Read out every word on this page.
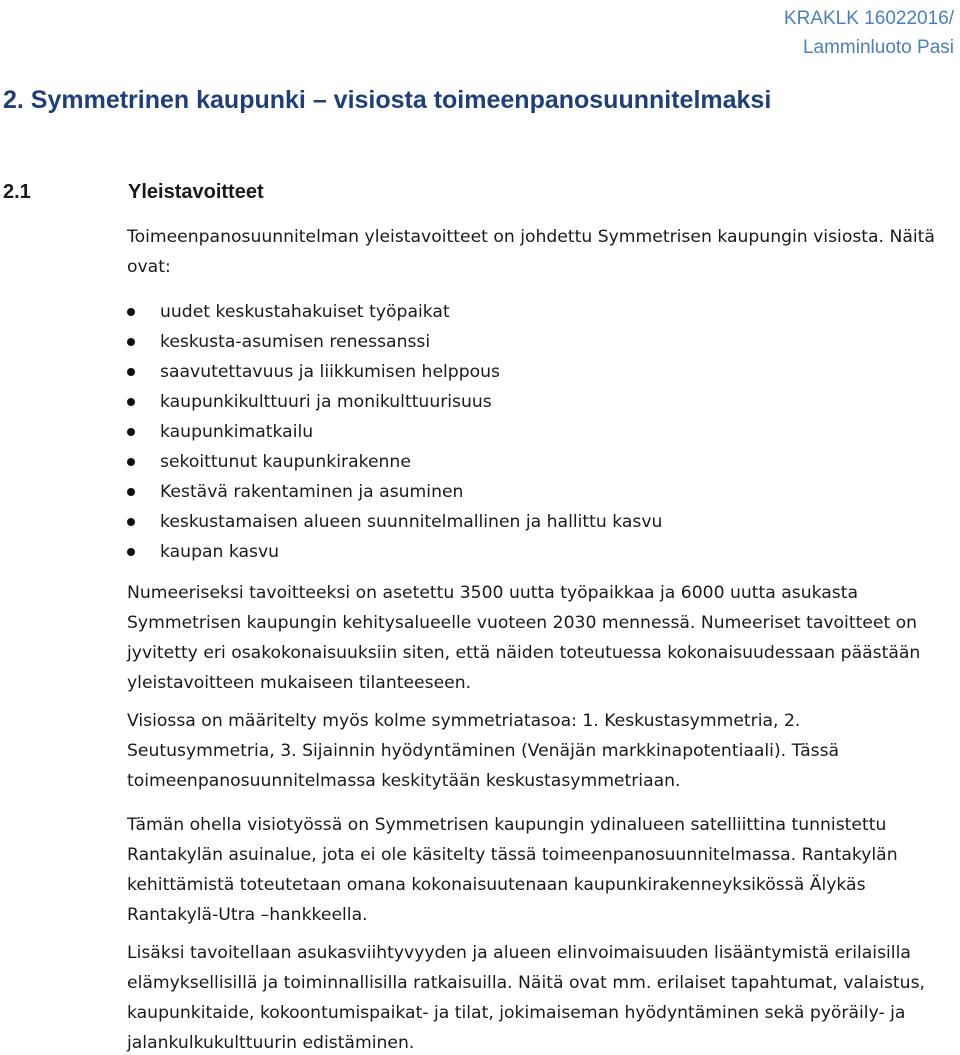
KRAKLK 16022016/
Lamminluoto Pasi
2. Symmetrinen kaupunki – visiosta toimeenpanosuunnitelmaksi
2.1	Yleistavoitteet

Toimeenpanosuunnitelman yleistavoitteet on johdettu Symmetrisen kaupungin visiosta. Näitä ovat:

uudet keskustahakuiset työpaikat
keskusta-asumisen renessanssi
saavutettavuus ja liikkumisen helppous
kaupunkikulttuuri ja monikulttuurisuus
kaupunkimatkailu
sekoittunut kaupunkirakenne
Kestävä rakentaminen ja asuminen
keskustamaisen alueen suunnitelmallinen ja hallittu kasvu
kaupan kasvu

Numeeriseksi tavoitteeksi on asetettu 3500 uutta työpaikkaa ja 6000 uutta asukasta Symmetrisen kaupungin kehitysalueelle vuoteen 2030 mennessä. Numeeriset tavoitteet on jyvitetty eri osakokonaisuuksiin siten, että näiden toteutuessa kokonaisuudessaan päästään yleistavoitteen mukaiseen tilanteeseen.

Visiossa on määritelty myös kolme symmetriatasoa: 1. Keskustasymmetria, 2. Seutusymmetria, 3. Sijainnin hyödyntäminen (Venäjän markkinapotentiaali). Tässä toimeenpanosuunnitelmassa keskitytään keskustasymmetriaan.

Tämän ohella visiotyössä on Symmetrisen kaupungin ydinalueen satelliittina tunnistettu Rantakylän asuinalue, jota ei ole käsitelty tässä toimeenpanosuunnitelmassa. Rantakylän kehittämistä toteutetaan omana kokonaisuutenaan kaupunkirakenneyksikössä Älykäs Rantakylä-Utra –hankkeella.

Lisäksi tavoitellaan asukasviihtyvyyden ja alueen elinvoimaisuuden lisääntymistä erilaisilla elämyksellisillä ja toiminnallisilla ratkaisuilla. Näitä ovat mm. erilaiset tapahtumat, valaistus, kaupunkitaide, kokoontumispaikat- ja tilat, jokimaiseman hyödyntäminen sekä pyöräily- ja jalankulkukulttuurin edistäminen.
